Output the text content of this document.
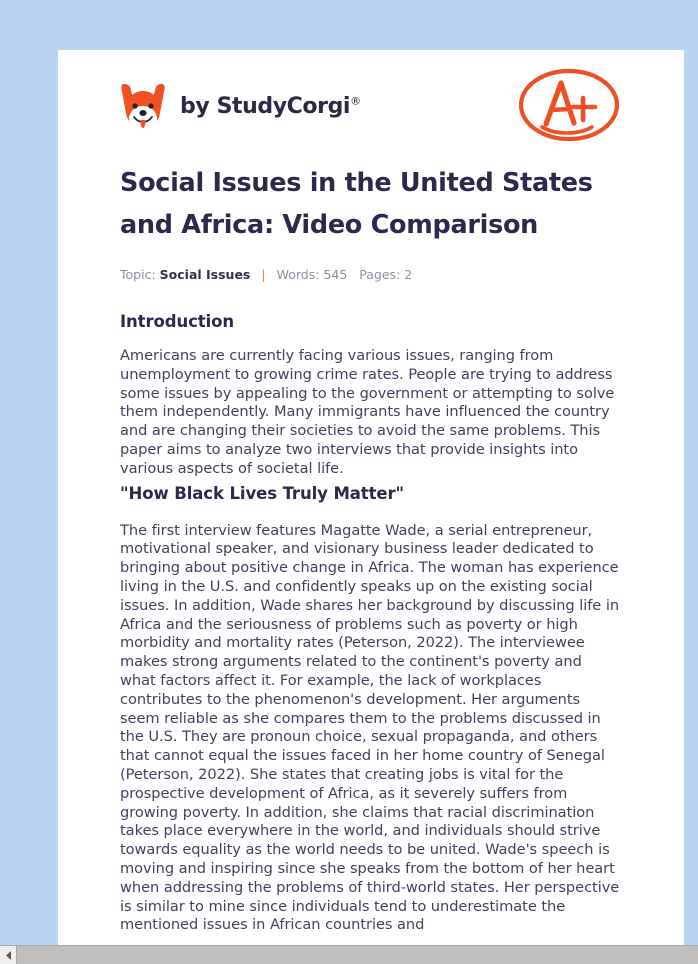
by StudyCorgi®
Social Issues in the United States and Africa: Video Comparison
Topic: Social Issues | Words: 545 Pages: 2
Introduction

Americans are currently facing various issues, ranging from unemployment to growing crime rates. People are trying to address some issues by appealing to the government or attempting to solve them independently. Many immigrants have influenced the country and are changing their societies to avoid the same problems. This paper aims to analyze two interviews that provide insights into various aspects of societal life.

"How Black Lives Truly Matter"

The first interview features Magatte Wade, a serial entrepreneur, motivational speaker, and visionary business leader dedicated to bringing about positive change in Africa. The woman has experience living in the U.S. and confidently speaks up on the existing social issues. In addition, Wade shares her background by discussing life in Africa and the seriousness of problems such as poverty or high morbidity and mortality rates (Peterson, 2022). The interviewee makes strong arguments related to the continent's poverty and what factors affect it. For example, the lack of workplaces contributes to the phenomenon's development. Her arguments seem reliable as she compares them to the problems discussed in the U.S. They are pronoun choice, sexual propaganda, and others that cannot equal the issues faced in her home country of Senegal (Peterson, 2022). She states that creating jobs is vital for the prospective development of Africa, as it severely suffers from growing poverty. In addition, she claims that racial discrimination takes place everywhere in the world, and individuals should strive towards equality as the world needs to be united. Wade's speech is moving and inspiring since she speaks from the bottom of her heart when addressing the problems of third-world states. Her perspective is similar to mine since individuals tend to underestimate the mentioned issues in African countries and
